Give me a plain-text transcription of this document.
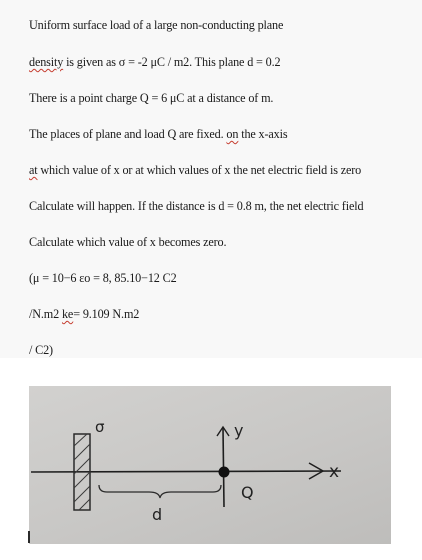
Uniform surface load of a large non-conducting plane
density is given as σ = -2 μC / m2. This plane d = 0.2
There is a point charge Q = 6 μC at a distance of m.
The places of plane and load Q are fixed. on the x-axis
at which value of x or at which values of x the net electric field is zero
Calculate will happen. If the distance is d = 0.8 m, the net electric field
Calculate which value of x becomes zero.
(μ = 10−6 εo = 8, 85.10−12 C2
/N.m2 ke= 9.109 N.m2
/ C2)
σ	y
x
Q
d
